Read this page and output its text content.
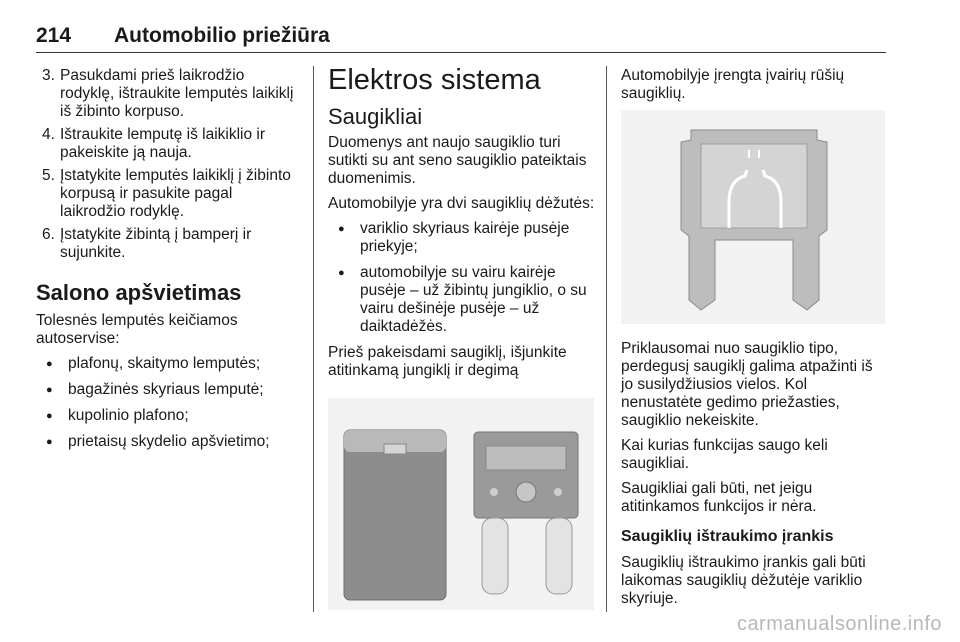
214 Automobilio priežiūra
3. Pasukdami prieš laikrodžio rodyklę, ištraukite lemputės laikiklį iš žibinto korpuso.
4. Ištraukite lemputę iš laikiklio ir pakeiskite ją nauja.
5. Įstatykite lemputės laikiklį į žibinto korpusą ir pasukite pagal laikrodžio rodyklę.
6. Įstatykite žibintą į bamperį ir sujunkite.
Salono apšvietimas

Tolesnės lemputės keičiamos autoservise:

● plafonų, skaitymo lemputės;
● bagažinės skyriaus lemputė;
● kupolinio plafono;
● prietaisų skydelio apšvietimo;
Elektros sistema
Saugikliai

Duomenys ant naujo saugiklio turi sutikti su ant seno saugiklio pateiktais duomenimis.

Automobilyje yra dvi saugiklių dėžutės:

● variklio skyriaus kairėje pusėje priekyje;
● automobilyje su vairu kairėje pusėje – už žibintų jungiklio, o su vairu dešinėje pusėje – už daiktadėžės.

Prieš pakeisdami saugiklį, išjunkite atitinkamą jungiklį ir degimą

Automobilyje įrengta įvairių rūšių saugiklių.

Priklausomai nuo saugiklio tipo, perdegusį saugiklį galima atpažinti iš jo susilydžiusios vielos. Kol nenustatėte gedimo priežasties, saugiklio nekeiskite.

Kai kurias funkcijas saugo keli saugikliai.

Saugikliai gali būti, net jeigu atitinkamos funkcijos ir nėra.

Saugiklių ištraukimo įrankis

Saugiklių ištraukimo įrankis gali būti laikomas saugiklių dėžutėje variklio skyriuje.

carmanualsonline.info
